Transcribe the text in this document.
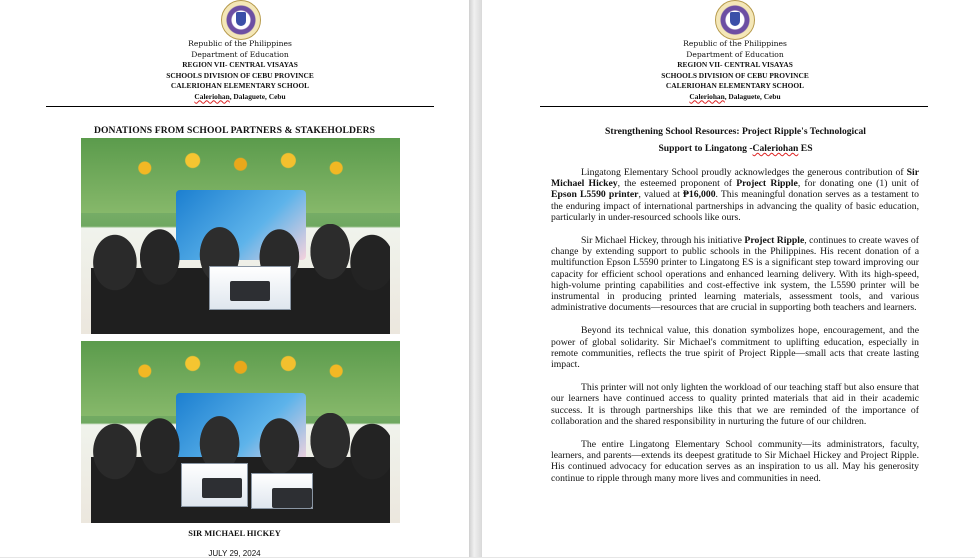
Republic of the Philippines
Department of Education
REGION VII- CENTRAL VISAYAS
SCHOOLS DIVISION OF CEBU PROVINCE
CALERIOHAN ELEMENTARY SCHOOL
Caleriohan, Dalaguete, Cebu
DONATIONS FROM SCHOOL PARTNERS & STAKEHOLDERS
SIR MICHAEL HICKEY
JULY 29, 2024
Republic of the Philippines
Department of Education
REGION VII- CENTRAL VISAYAS
SCHOOLS DIVISION OF CEBU PROVINCE
CALERIOHAN ELEMENTARY SCHOOL
Caleriohan, Dalaguete, Cebu
Strengthening School Resources: Project Ripple's Technological
Support to Lingatong -Caleriohan ES

Lingatong Elementary School proudly acknowledges the generous contribution of Sir Michael Hickey, the esteemed proponent of Project Ripple, for donating one (1) unit of Epson L5590 printer, valued at ₱16,000. This meaningful donation serves as a testament to the enduring impact of international partnerships in advancing the quality of basic education, particularly in under-resourced schools like ours.

Sir Michael Hickey, through his initiative Project Ripple, continues to create waves of change by extending support to public schools in the Philippines. His recent donation of a multifunction Epson L5590 printer to Lingatong ES is a significant step toward improving our capacity for efficient school operations and enhanced learning delivery. With its high-speed, high-volume printing capabilities and cost-effective ink system, the L5590 printer will be instrumental in producing printed learning materials, assessment tools, and various administrative documents—resources that are crucial in supporting both teachers and learners.

Beyond its technical value, this donation symbolizes hope, encouragement, and the power of global solidarity. Sir Michael's commitment to uplifting education, especially in remote communities, reflects the true spirit of Project Ripple—small acts that create lasting impact.

This printer will not only lighten the workload of our teaching staff but also ensure that our learners have continued access to quality printed materials that aid in their academic success. It is through partnerships like this that we are reminded of the importance of collaboration and the shared responsibility in nurturing the future of our children.

The entire Lingatong Elementary School community—its administrators, faculty, learners, and parents—extends its deepest gratitude to Sir Michael Hickey and Project Ripple. His continued advocacy for education serves as an inspiration to us all. May his generosity continue to ripple through many more lives and communities in need.
